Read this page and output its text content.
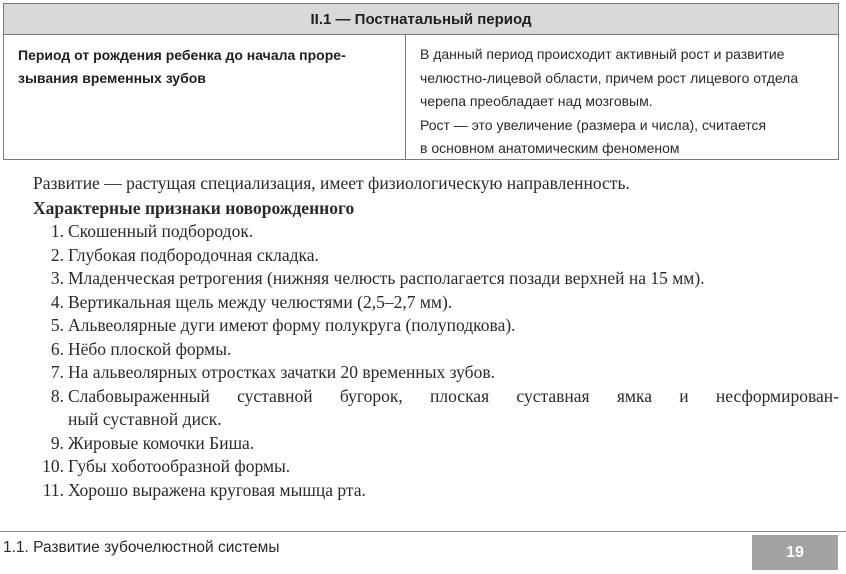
II.1 — Постнатальный период
Период от рождения ребенка до начала проре-
зывания временных зубов
В данный период происходит активный рост и развитие
челюстно-лицевой области, причем рост лицевого отдела
черепа преобладает над мозговым.
Рост — это увеличение (размера и числа), считается
в основном анатомическим феноменом
Развитие — растущая специализация, имеет физиологическую направленность.
Характерные признаки новорожденного
1. Скошенный подбородок.
2. Глубокая подбородочная складка.
3. Младенческая ретрогения (нижняя челюсть располагается позади верхней на 15 мм).
4. Вертикальная щель между челюстями (2,5–2,7 мм).
5. Альвеолярные дуги имеют форму полукруга (полуподкова).
6. Нёбо плоской формы.
7. На альвеолярных отростках зачатки 20 временных зубов.
8. Слабовыраженный суставной бугорок, плоская суставная ямка и несформирован-
ный суставной диск.
9. Жировые комочки Биша.
10. Губы хоботообразной формы.
11. Хорошо выражена круговая мышца рта.
1.1. Развитие зубочелюстной системы	19
